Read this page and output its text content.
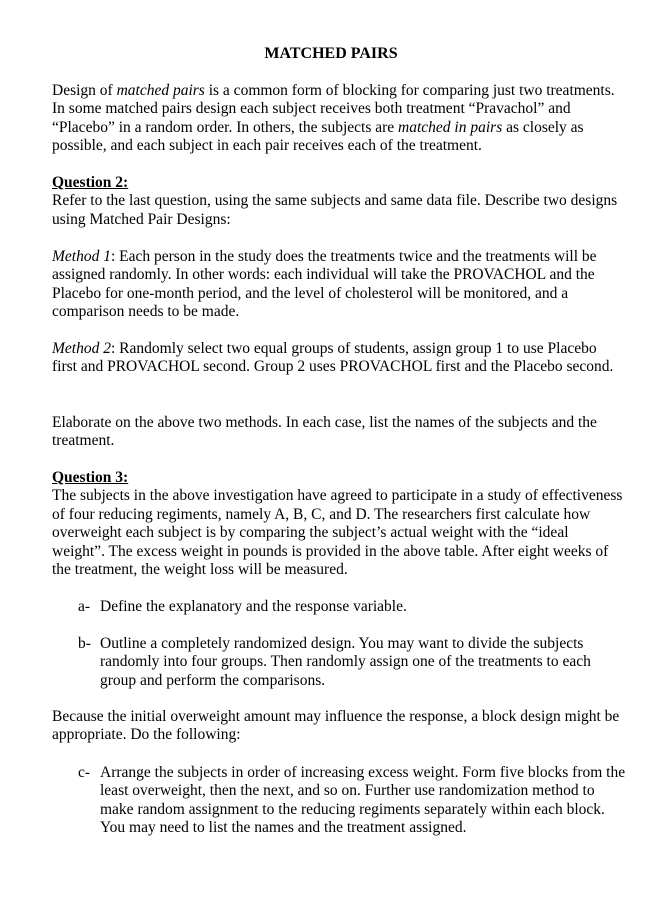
MATCHED PAIRS

Design of matched pairs is a common form of blocking for comparing just two treatments. In some matched pairs design each subject receives both treatment “Pravachol” and “Placebo” in a random order. In others, the subjects are matched in pairs as closely as possible, and each subject in each pair receives each of the treatment.

Question 2:

Refer to the last question, using the same subjects and same data file. Describe two designs using Matched Pair Designs:

Method 1: Each person in the study does the treatments twice and the treatments will be assigned randomly. In other words: each individual will take the PROVACHOL and the Placebo for one-month period, and the level of cholesterol will be monitored, and a comparison needs to be made.

Method 2: Randomly select two equal groups of students, assign group 1 to use Placebo first and PROVACHOL second. Group 2 uses PROVACHOL first and the Placebo second.

Elaborate on the above two methods. In each case, list the names of the subjects and the treatment.

Question 3:

The subjects in the above investigation have agreed to participate in a study of effectiveness of four reducing regiments, namely A, B, C, and D. The researchers first calculate how overweight each subject is by comparing the subject’s actual weight with the “ideal weight”. The excess weight in pounds is provided in the above table. After eight weeks of the treatment, the weight loss will be measured.

a- Define the explanatory and the response variable.
b- Outline a completely randomized design. You may want to divide the subjects randomly into four groups. Then randomly assign one of the treatments to each group and perform the comparisons.

Because the initial overweight amount may influence the response, a block design might be appropriate. Do the following:

c- Arrange the subjects in order of increasing excess weight. Form five blocks from the least overweight, then the next, and so on. Further use randomization method to make random assignment to the reducing regiments separately within each block. You may need to list the names and the treatment assigned.
